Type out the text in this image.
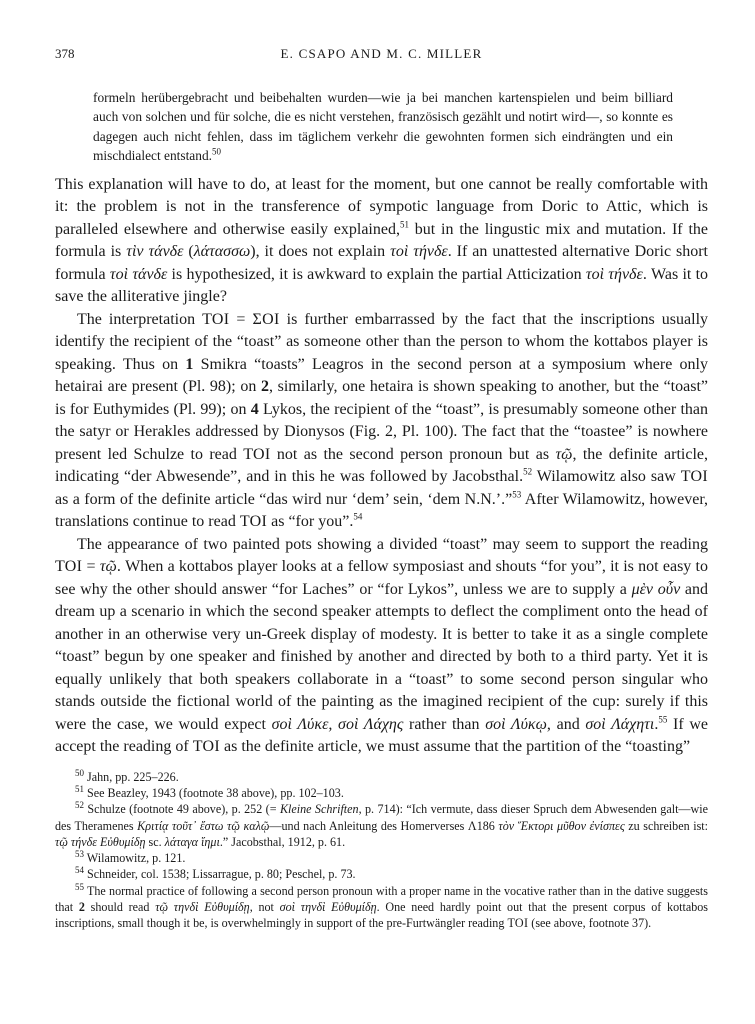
378	E. CSAPO AND M. C. MILLER
formeln herübergebracht und beibehalten wurden—wie ja bei manchen kartenspielen und beim billiard auch von solchen und für solche, die es nicht verstehen, französisch gezählt und notirt wird—, so konnte es dagegen auch nicht fehlen, dass im täglichem verkehr die gewohnten formen sich eindrängten und ein mischdialect entstand.$^{50}$

This explanation will have to do, at least for the moment, but one cannot be really comfortable with it: the problem is not in the transference of sympotic language from Doric to Attic, which is paralleled elsewhere and otherwise easily explained,$^{51}$ but in the lingustic mix and mutation. If the formula is τὶν τάνδε (λάτασσω), it does not explain τοὶ τήνδε. If an unattested alternative Doric short formula τοὶ τάνδε is hypothesized, it is awkward to explain the partial Atticization τοὶ τήνδε. Was it to save the alliterative jingle?

The interpretation TOI = ΣOI is further embarrassed by the fact that the inscriptions usually identify the recipient of the “toast” as someone other than the person to whom the kottabos player is speaking. Thus on 1 Smikra “toasts” Leagros in the second person at a symposium where only hetairai are present (Pl. 98); on 2, similarly, one hetaira is shown speaking to another, but the “toast” is for Euthymides (Pl. 99); on 4 Lykos, the recipient of the “toast”, is presumably someone other than the satyr or Herakles addressed by Dionysos (Fig. 2, Pl. 100). The fact that the “toastee” is nowhere present led Schulze to read TOI not as the second person pronoun but as τῷ, the definite article, indicating “der Abwesende”, and in this he was followed by Jacobsthal.$^{52}$ Wilamowitz also saw TOI as a form of the definite article “das wird nur ‘dem’ sein, ‘dem N.N.’.”$^{53}$ After Wilamowitz, however, translations continue to read TOI as “for you”.$^{54}$

The appearance of two painted pots showing a divided “toast” may seem to support the reading TOI = τῷ. When a kottabos player looks at a fellow symposiast and shouts “for you”, it is not easy to see why the other should answer “for Laches” or “for Lykos”, unless we are to supply a μὲν οὖν and dream up a scenario in which the second speaker attempts to deflect the compliment onto the head of another in an otherwise very un-Greek display of modesty. It is better to take it as a single complete “toast” begun by one speaker and finished by another and directed by both to a third party. Yet it is equally unlikely that both speakers collaborate in a “toast” to some second person singular who stands outside the fictional world of the painting as the imagined recipient of the cup: surely if this were the case, we would expect σοὶ Λύκε, σοὶ Λάχης rather than σοὶ Λύκῳ, and σοὶ Λάχητι.$^{55}$ If we accept the reading of TOI as the definite article, we must assume that the partition of the “toasting”

$^{50}$ Jahn, pp. 225–226.

$^{51}$ See Beazley, 1943 (footnote 38 above), pp. 102–103.

$^{52}$ Schulze (footnote 49 above), p. 252 (= Kleine Schriften, p. 714): “Ich vermute, dass dieser Spruch dem Abwesenden galt—wie des Theramenes Κριτίᾳ τοῦτ᾽ ἔστω τῷ καλῷ—und nach Anleitung des Homerverses Λ186 τὸν Ἕκτορι μῦθον ἐνίσπες zu schreiben ist: τῷ τήνδε Εὐθυμίδῃ sc. λάταγα ἵημι.” Jacobsthal, 1912, p. 61.

$^{53}$ Wilamowitz, p. 121.

$^{54}$ Schneider, col. 1538; Lissarrague, p. 80; Peschel, p. 73.

$^{55}$ The normal practice of following a second person pronoun with a proper name in the vocative rather than in the dative suggests that 2 should read τῷ τηνδὶ Εὐθυμίδῃ, not σοὶ τηνδὶ Εὐθυμίδῃ. One need hardly point out that the present corpus of kottabos inscriptions, small though it be, is overwhelmingly in support of the pre-Furtwängler reading TOI (see above, footnote 37).
